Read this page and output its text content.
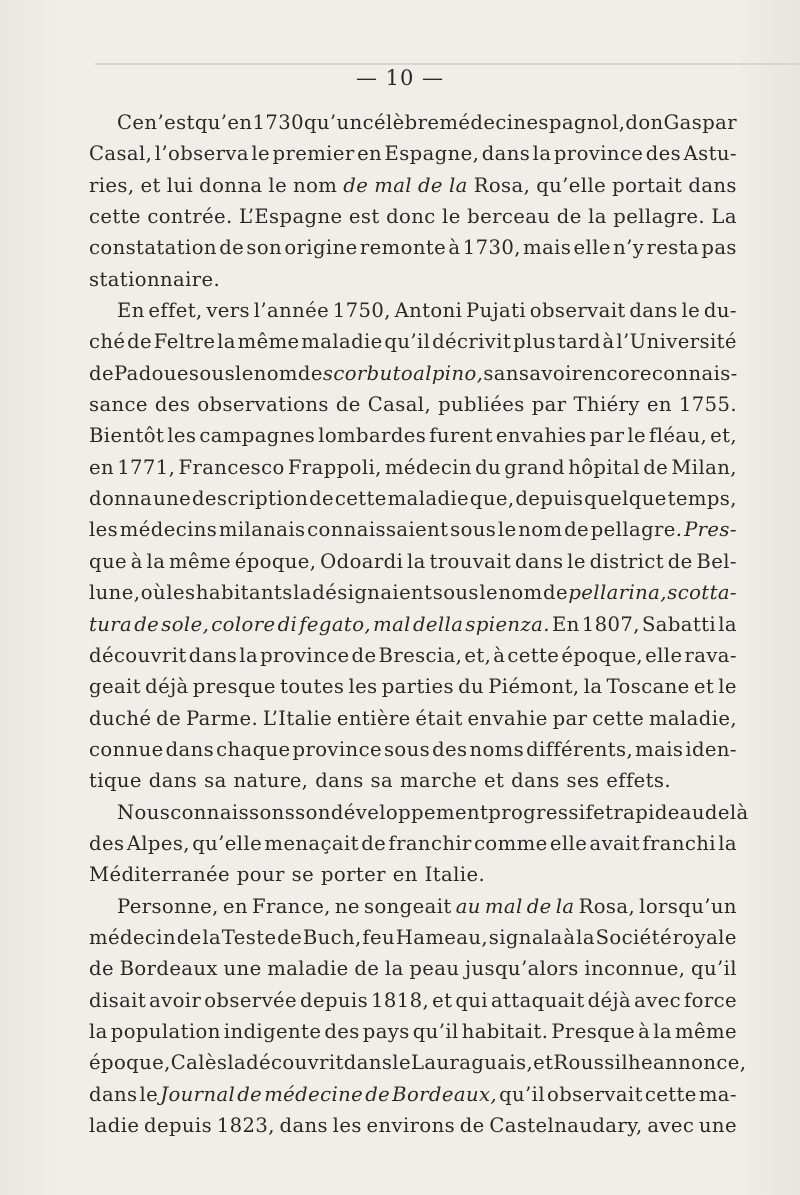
— 10 —
Ce n’est qu’en 1730 qu’un célèbre médecin espagnol, don Gaspar
Casal, l’observa le premier en Espagne, dans la province des Astu-
ries, et lui donna le nom de mal de la Rosa, qu’elle portait dans
cette contrée. L’Espagne est donc le berceau de la pellagre. La
constatation de son origine remonte à 1730, mais elle n’y resta pas
stationnaire.
En effet, vers l’année 1750, Antoni Pujati observait dans le du-
ché de Feltre la même maladie qu’il décrivit plus tard à l’Université
de Padoue sous le nom de scorbuto alpino, sans avoir encore connais-
sance des observations de Casal, publiées par Thiéry en 1755.
Bientôt les campagnes lombardes furent envahies par le fléau, et,
en 1771, Francesco Frappoli, médecin du grand hôpital de Milan,
donna une description de cette maladie que, depuis quelque temps,
les médecins milanais connaissaient sous le nom de pellagre. Pres-
que à la même époque, Odoardi la trouvait dans le district de Bel-
lune, où les habitants la désignaient sous le nom de pellarina, scotta-
tura de sole, colore di fegato, mal della spienza. En 1807, Sabatti la
découvrit dans la province de Brescia, et, à cette époque, elle rava-
geait déjà presque toutes les parties du Piémont, la Toscane et le
duché de Parme. L’Italie entière était envahie par cette maladie,
connue dans chaque province sous des noms différents, mais iden-
tique dans sa nature, dans sa marche et dans ses effets.
Nous connaissons son développement progressif et rapide au delà
des Alpes, qu’elle menaçait de franchir comme elle avait franchi la
Méditerranée pour se porter en Italie.
Personne, en France, ne songeait au mal de la Rosa, lorsqu’un
médecin de la Teste de Buch, feu Hameau, signala à la Société royale
de Bordeaux une maladie de la peau jusqu’alors inconnue, qu’il
disait avoir observée depuis 1818, et qui attaquait déjà avec force
la population indigente des pays qu’il habitait. Presque à la même
époque, Calès la découvrit dans le Lauraguais, et Roussilhe annonce,
dans le Journal de médecine de Bordeaux, qu’il observait cette ma-
ladie depuis 1823, dans les environs de Castelnaudary, avec une
